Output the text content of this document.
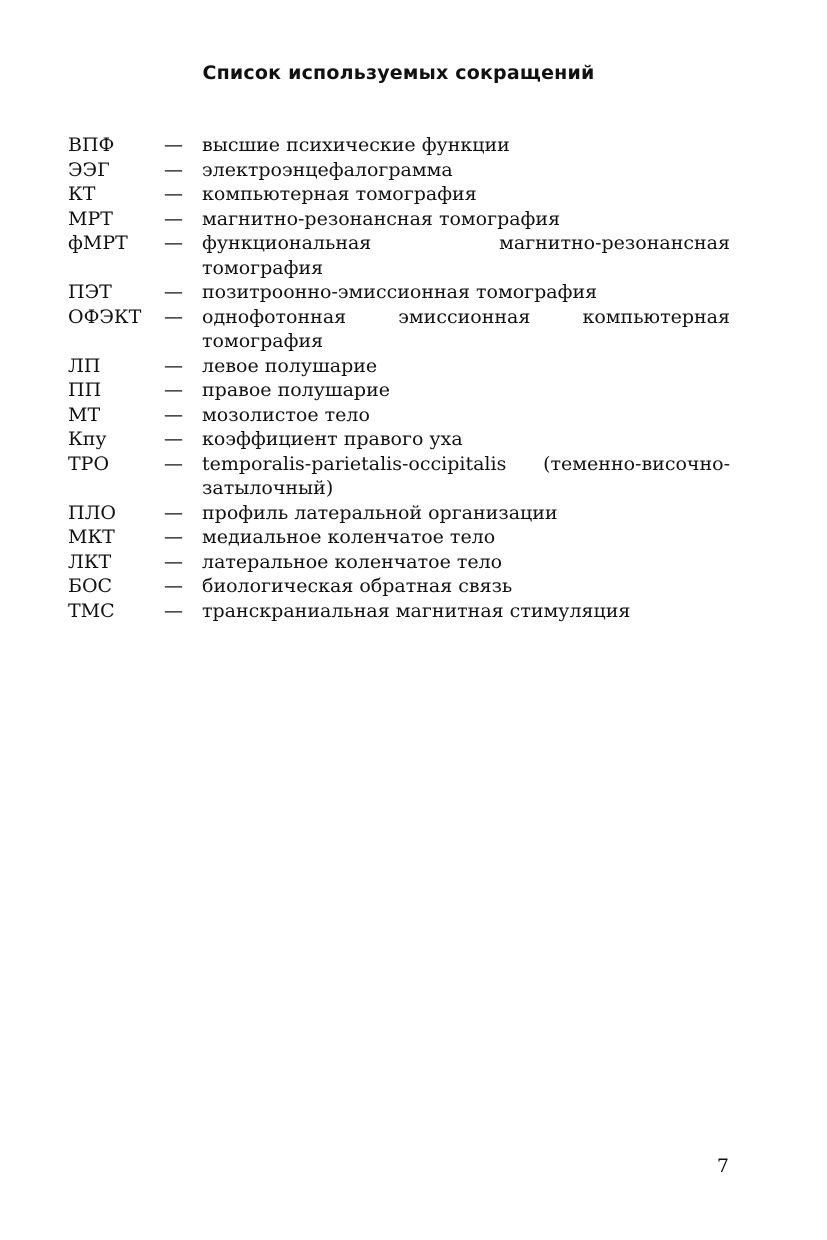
Список используемых сокращений
ВПФ	—	высшие психические функции
ЭЭГ	—	электроэнцефалограмма
КТ	—	компьютерная томография
МРТ	—	магнитно-резонансная томография
фМРТ	—	функциональная магнитно-резонансная томография
ПЭТ	—	позитроонно-эмиссионная томография
ОФЭКТ	—	однофотонная эмиссионная компьютерная томография
ЛП	—	левое полушарие
ПП	—	правое полушарие
МТ	—	мозолистое тело
Кпу	—	коэффициент правого уха
ТРО	—	temporalis-parietalis-occipitalis (теменно-височно-затылочный)
ПЛО	—	профиль латеральной организации
МКТ	—	медиальное коленчатое тело
ЛКТ	—	латеральное коленчатое тело
БОС	—	биологическая обратная связь
ТМС	—	транскраниальная магнитная стимуляция
7
